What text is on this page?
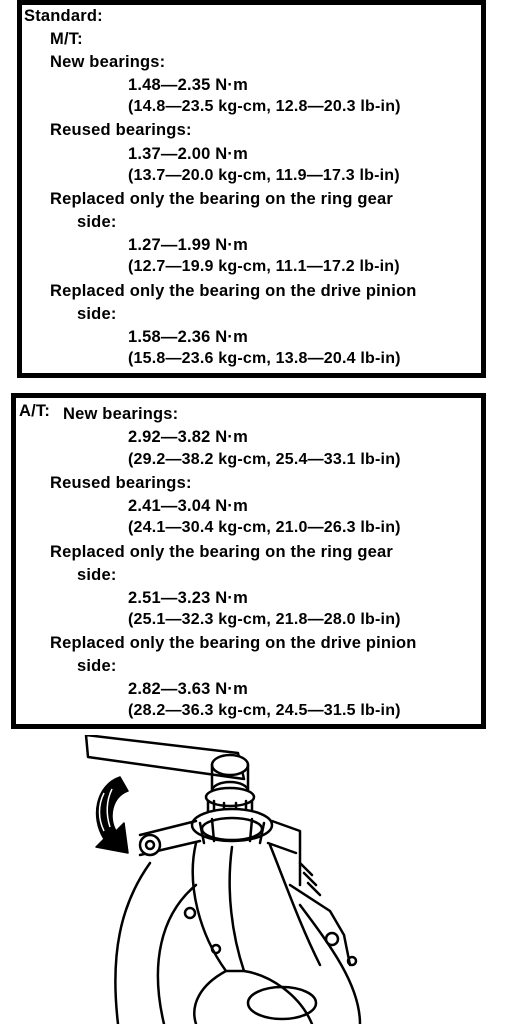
Standard:
M/T:
New bearings:
1.48—2.35 N·m
(14.8—23.5 kg-cm, 12.8—20.3 lb-in)
Reused bearings:
1.37—2.00 N·m
(13.7—20.0 kg-cm, 11.9—17.3 lb-in)
Replaced only the bearing on the ring gear
side:
1.27—1.99 N·m
(12.7—19.9 kg-cm, 11.1—17.2 lb-in)
Replaced only the bearing on the drive pinion
side:
1.58—2.36 N·m
(15.8—23.6 kg-cm, 13.8—20.4 lb-in)
A/T: New bearings:
2.92—3.82 N·m
(29.2—38.2 kg-cm, 25.4—33.1 lb-in)
Reused bearings:
2.41—3.04 N·m
(24.1—30.4 kg-cm, 21.0—26.3 lb-in)
Replaced only the bearing on the ring gear
side:
2.51—3.23 N·m
(25.1—32.3 kg-cm, 21.8—28.0 lb-in)
Replaced only the bearing on the drive pinion
side:
2.82—3.63 N·m
(28.2—36.3 kg-cm, 24.5—31.5 lb-in)
